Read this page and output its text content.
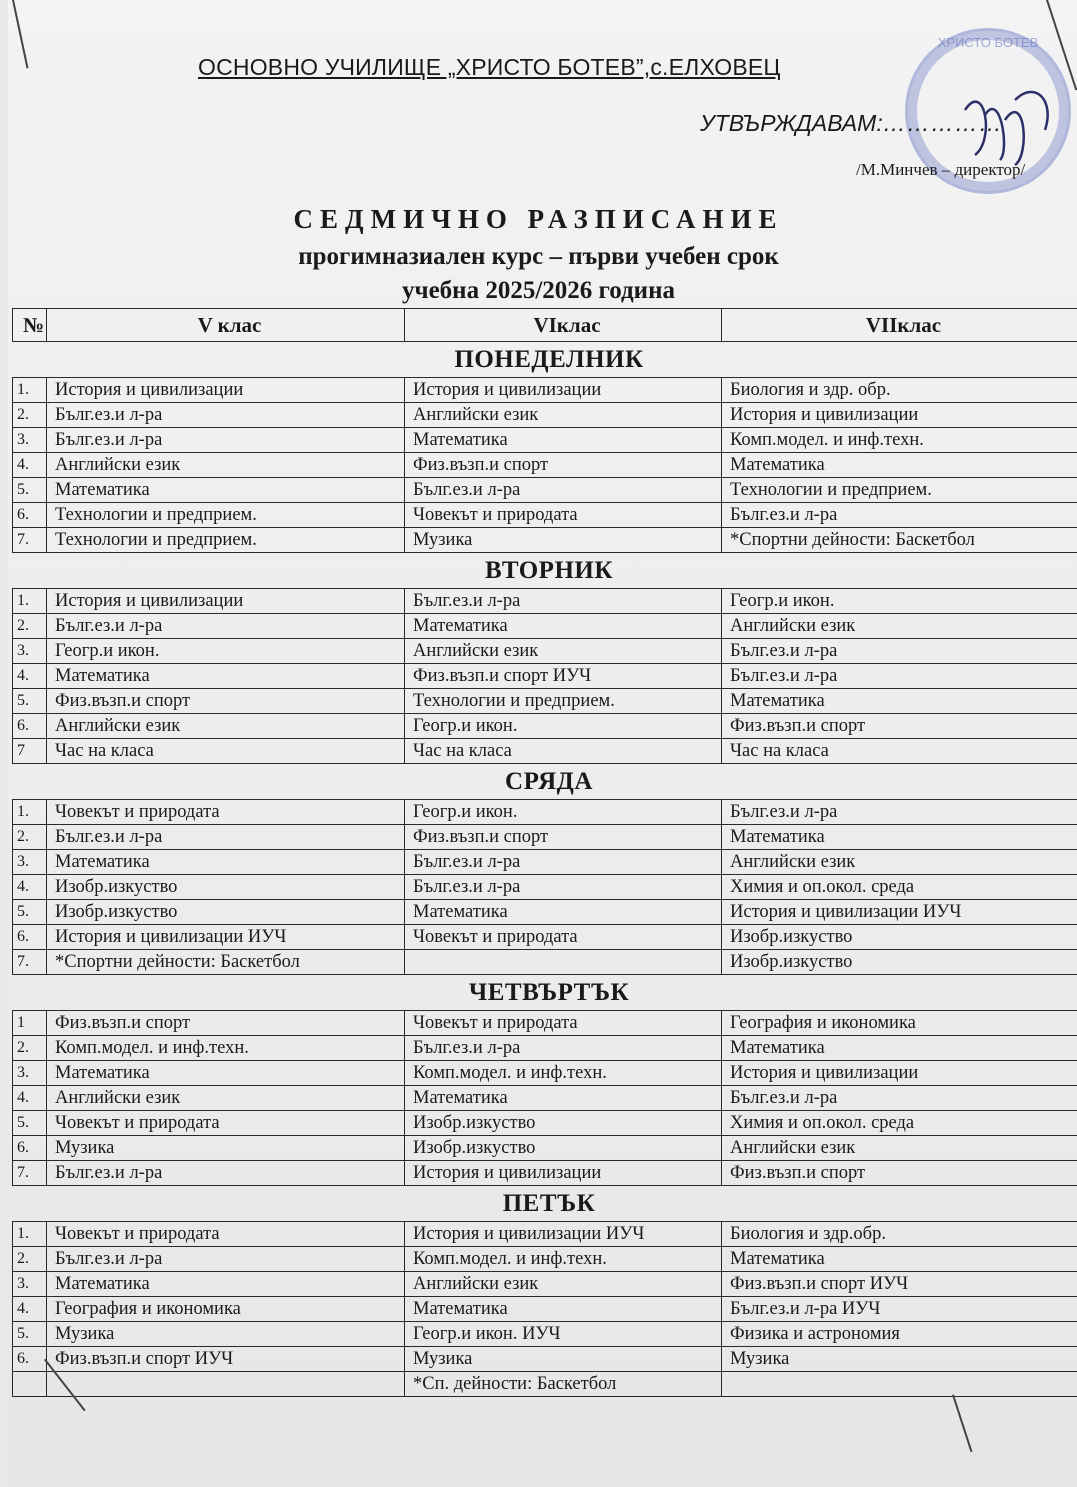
ОСНОВНО УЧИЛИЩЕ „ХРИСТО БОТЕВ”,с.ЕЛХОВЕЦ
ХРИСТО БОТЕВ
УТВЪРЖДАВАМ:……………
/М.Минчев – директор/
СЕДМИЧНО РАЗПИСАНИЕ
прогимназиален курс – първи учебен срок
учебна 2025/2026 година
№	V клас	VIклас	VIIклас
ПОНЕДЕЛНИК			
1.	История и цивилизации	История и цивилизации	Биология и здр. обр.
2.	Бълг.ез.и л-ра	Английски език	История и цивилизации
3.	Бълг.ез.и л-ра	Математика	Комп.модел. и инф.техн.
4.	Английски език	Физ.възп.и спорт	Математика
5.	Математика	Бълг.ез.и л-ра	Технологии и предприем.
6.	Технологии и предприем.	Човекът и природата	Бълг.ез.и л-ра
7.	Технологии и предприем.	Музика	*Спортни дейности: Баскетбол
ВТОРНИК			
1.	История и цивилизации	Бълг.ез.и л-ра	Геогр.и икон.
2.	Бълг.ез.и л-ра	Математика	Английски език
3.	Геогр.и икон.	Английски език	Бълг.ез.и л-ра
4.	Математика	Физ.възп.и спорт ИУЧ	Бълг.ез.и л-ра
5.	Физ.възп.и спорт	Технологии и предприем.	Математика
6.	Английски език	Геогр.и икон.	Физ.възп.и спорт
7	Час на класа	Час на класа	Час на класа
СРЯДА			
1.	Човекът и природата	Геогр.и икон.	Бълг.ез.и л-ра
2.	Бълг.ез.и л-ра	Физ.възп.и спорт	Математика
3.	Математика	Бълг.ез.и л-ра	Английски език
4.	Изобр.изкуство	Бълг.ез.и л-ра	Химия и оп.окол. среда
5.	Изобр.изкуство	Математика	История и цивилизации ИУЧ
6.	История и цивилизации ИУЧ	Човекът и природата	Изобр.изкуство
7.	*Спортни дейности: Баскетбол		Изобр.изкуство
ЧЕТВЪРТЪК			
1	Физ.възп.и спорт	Човекът и природата	География и икономика
2.	Комп.модел. и инф.техн.	Бълг.ез.и л-ра	Математика
3.	Математика	Комп.модел. и инф.техн.	История и цивилизации
4.	Английски език	Математика	Бълг.ез.и л-ра
5.	Човекът и природата	Изобр.изкуство	Химия и оп.окол. среда
6.	Музика	Изобр.изкуство	Английски език
7.	Бълг.ез.и л-ра	История и цивилизации	Физ.възп.и спорт
ПЕТЪК			
1.	Човекът и природата	История и цивилизации ИУЧ	Биология и здр.обр.
2.	Бълг.ез.и л-ра	Комп.модел. и инф.техн.	Математика
3.	Математика	Английски език	Физ.възп.и спорт ИУЧ
4.	География и икономика	Математика	Бълг.ез.и л-ра ИУЧ
5.	Музика	Геогр.и икон. ИУЧ	Физика и астрономия
6.	Физ.възп.и спорт ИУЧ	Музика	Музика
		*Сп. дейности: Баскетбол	
